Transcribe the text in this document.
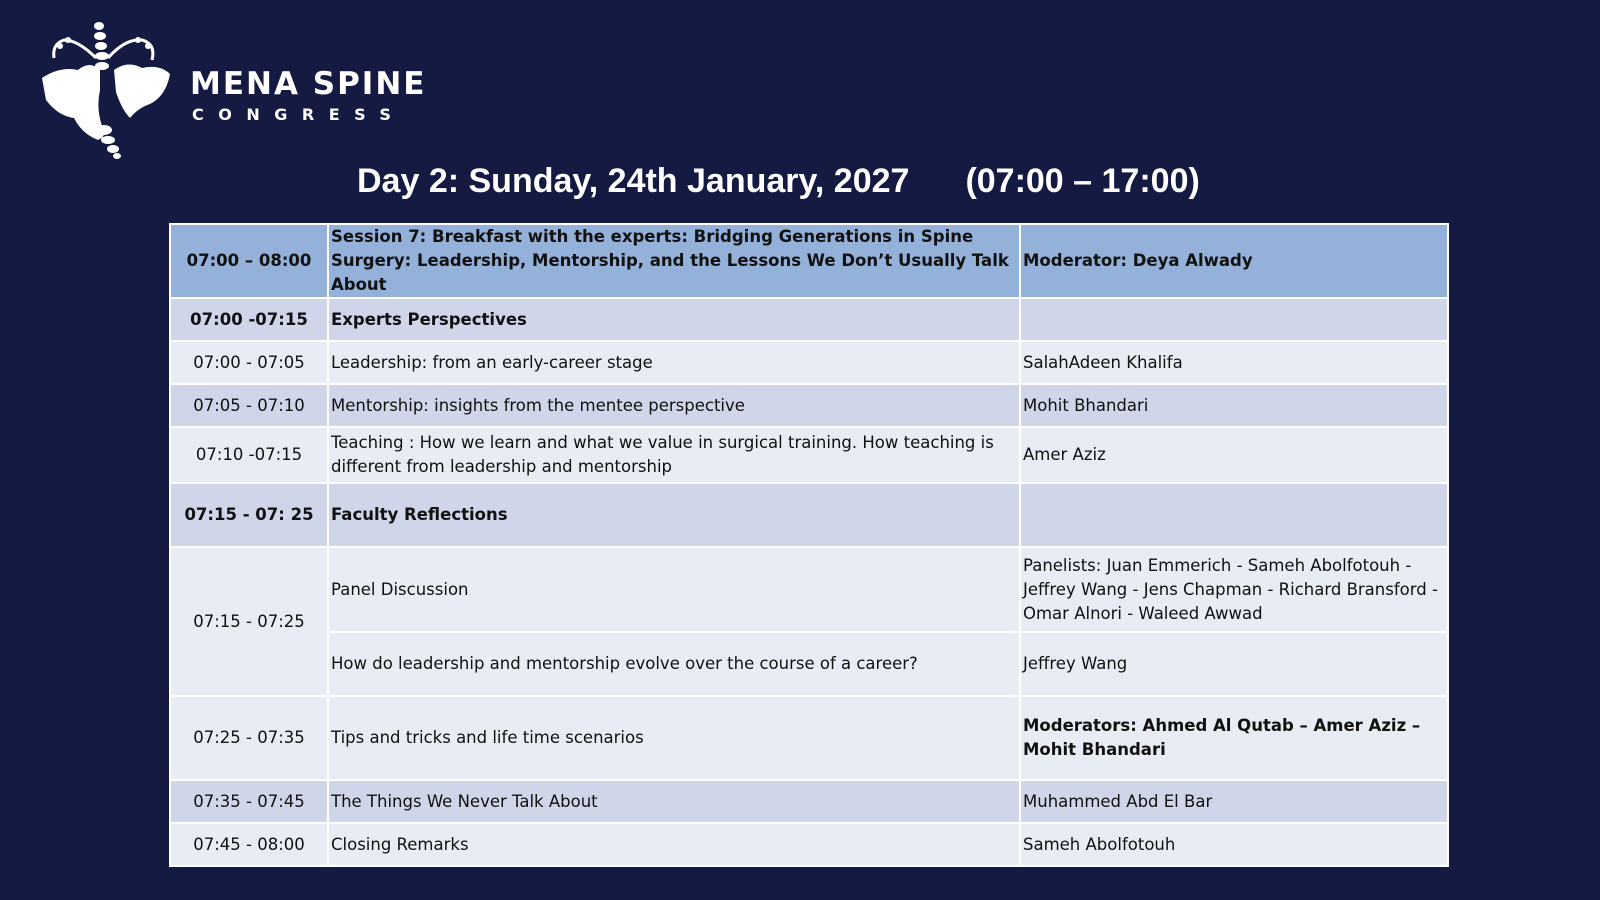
MENA SPINE
CONGRESS
Day 2: Sunday, 24th January, 2027 (07:00 – 17:00)
07:00 – 08:00	Session 7: Breakfast with the experts: Bridging Generations in Spine Surgery: Leadership, Mentorship, and the Lessons We Don’t Usually Talk About	Moderator: Deya Alwady
07:00 -07:15	Experts Perspectives	
07:00 - 07:05	Leadership: from an early-career stage	SalahAdeen Khalifa
07:05 - 07:10	Mentorship: insights from the mentee perspective	Mohit Bhandari
07:10 -07:15	Teaching : How we learn and what we value in surgical training. How teaching is different from leadership and mentorship	Amer Aziz
07:15 - 07: 25	Faculty Reflections	
07:15 - 07:25	Panel Discussion	Panelists: Juan Emmerich - Sameh Abolfotouh - Jeffrey Wang - Jens Chapman - Richard Bransford - Omar Alnori - Waleed Awwad
	How do leadership and mentorship evolve over the course of a career?	Jeffrey Wang
07:25 - 07:35	Tips and tricks and life time scenarios	Moderators: Ahmed Al Qutab – Amer Aziz – Mohit Bhandari
07:35 - 07:45	The Things We Never Talk About	Muhammed Abd El Bar
07:45 - 08:00	Closing Remarks	Sameh Abolfotouh
